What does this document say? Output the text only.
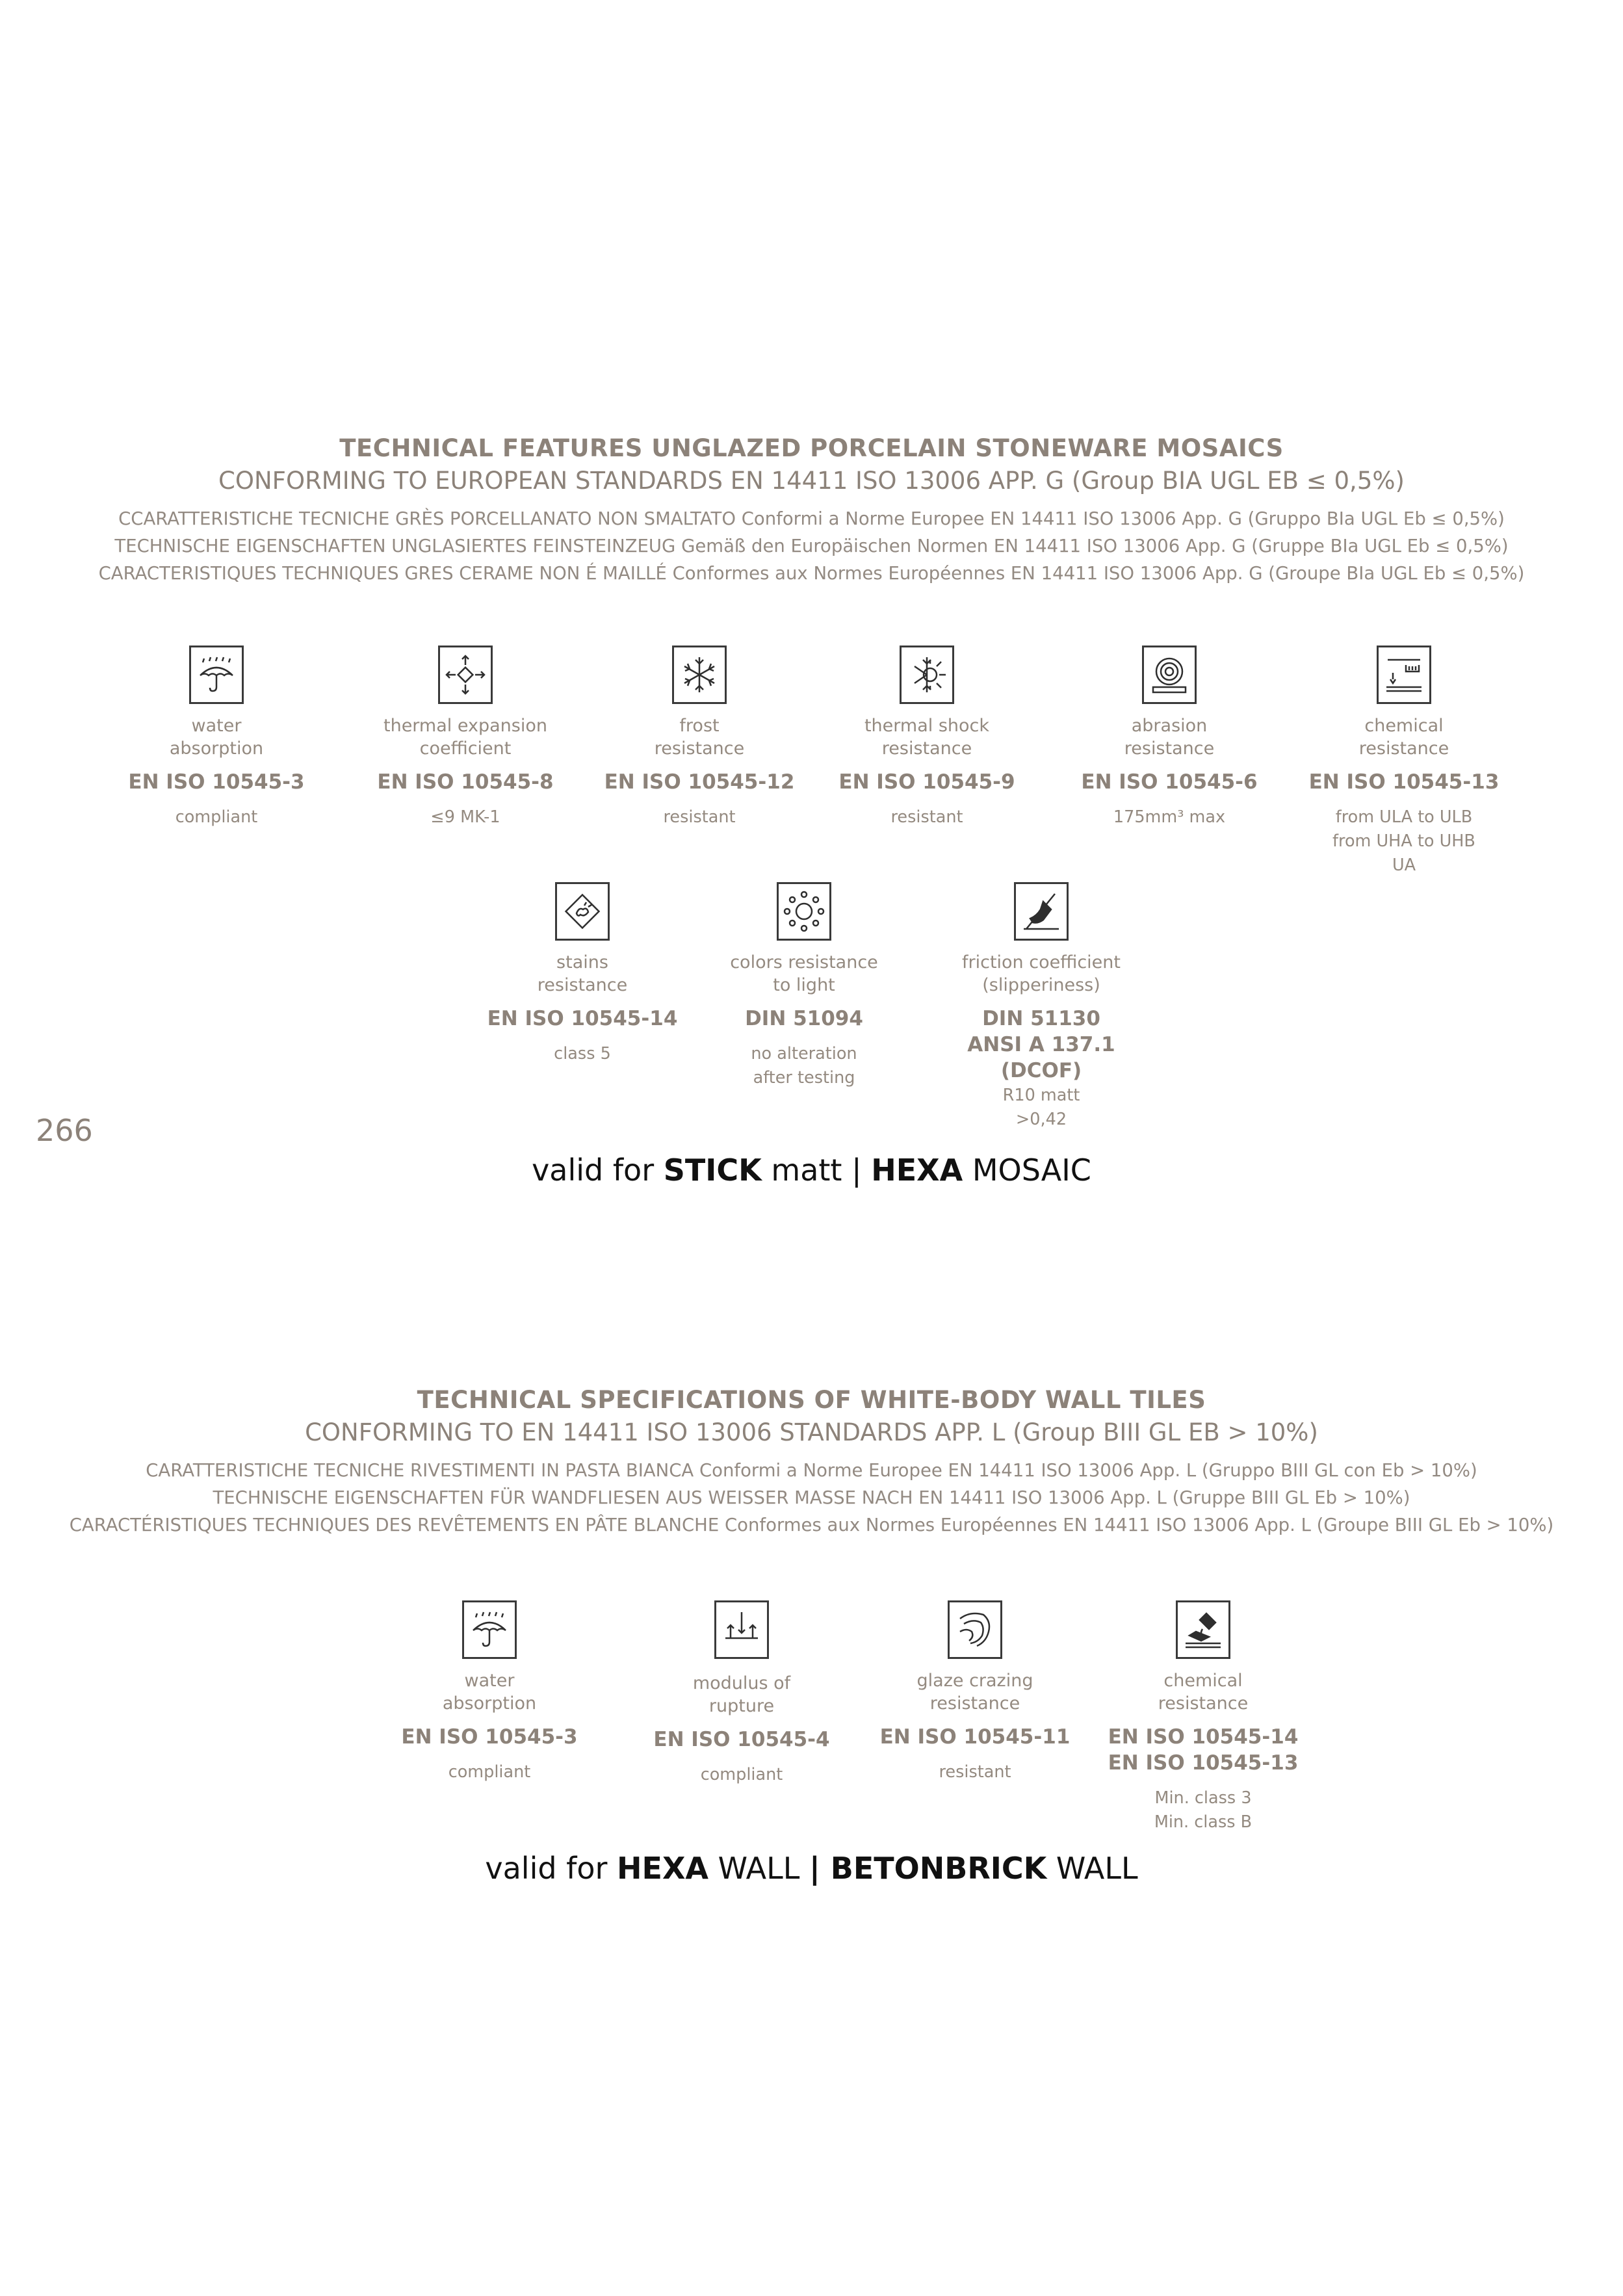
TECHNICAL FEATURES UNGLAZED PORCELAIN STONEWARE MOSAICS
CONFORMING TO EUROPEAN STANDARDS EN 14411 ISO 13006 APP. G (Group BIA UGL EB ≤ 0,5%)
CCARATTERISTICHE TECNICHE GRÈS PORCELLANATO NON SMALTATO Conformi a Norme Europee EN 14411 ISO 13006 App. G (Gruppo BIa UGL Eb ≤ 0,5%)
TECHNISCHE EIGENSCHAFTEN UNGLASIERTES FEINSTEINZEUG Gemäß den Europäischen Normen EN 14411 ISO 13006 App. G (Gruppe BIa UGL Eb ≤ 0,5%)
CARACTERISTIQUES TECHNIQUES GRES CERAME NON É MAILLÉ Conformes aux Normes Européennes EN 14411 ISO 13006 App. G (Groupe BIa UGL Eb ≤ 0,5%)
water
absorption
EN ISO 10545-3
compliant
thermal expansion
coefficient
EN ISO 10545-8
≤9 MK-1
frost
resistance
EN ISO 10545-12
resistant
thermal shock
resistance
EN ISO 10545-9
resistant
abrasion
resistance
EN ISO 10545-6
175mm³ max
chemical
resistance
EN ISO 10545-13
from ULA to ULB
from UHA to UHB
UA
stains
resistance
EN ISO 10545-14
class 5
colors resistance
to light
DIN 51094
no alteration
after testing
friction coefficient
(slipperiness)
DIN 51130
ANSI A 137.1 (DCOF)
R10 matt
>0,42
266
valid for STICK matt | HEXA MOSAIC
TECHNICAL SPECIFICATIONS OF WHITE-BODY WALL TILES
CONFORMING TO EN 14411 ISO 13006 STANDARDS APP. L (Group BIII GL EB > 10%)
CARATTERISTICHE TECNICHE RIVESTIMENTI IN PASTA BIANCA Conformi a Norme Europee EN 14411 ISO 13006 App. L (Gruppo BIII GL con Eb > 10%)
TECHNISCHE EIGENSCHAFTEN FÜR WANDFLIESEN AUS WEISSER MASSE NACH EN 14411 ISO 13006 App. L (Gruppe BIII GL Eb > 10%)
CARACTÉRISTIQUES TECHNIQUES DES REVÊTEMENTS EN PÂTE BLANCHE Conformes aux Normes Européennes EN 14411 ISO 13006 App. L (Groupe BIII GL Eb > 10%)
water
absorption
EN ISO 10545-3
compliant
modulus of
rupture
EN ISO 10545-4
compliant
glaze crazing
resistance
EN ISO 10545-11
resistant
chemical
resistance
EN ISO 10545-14
EN ISO 10545-13
Min. class 3
Min. class B
valid for HEXA WALL | BETONBRICK WALL
